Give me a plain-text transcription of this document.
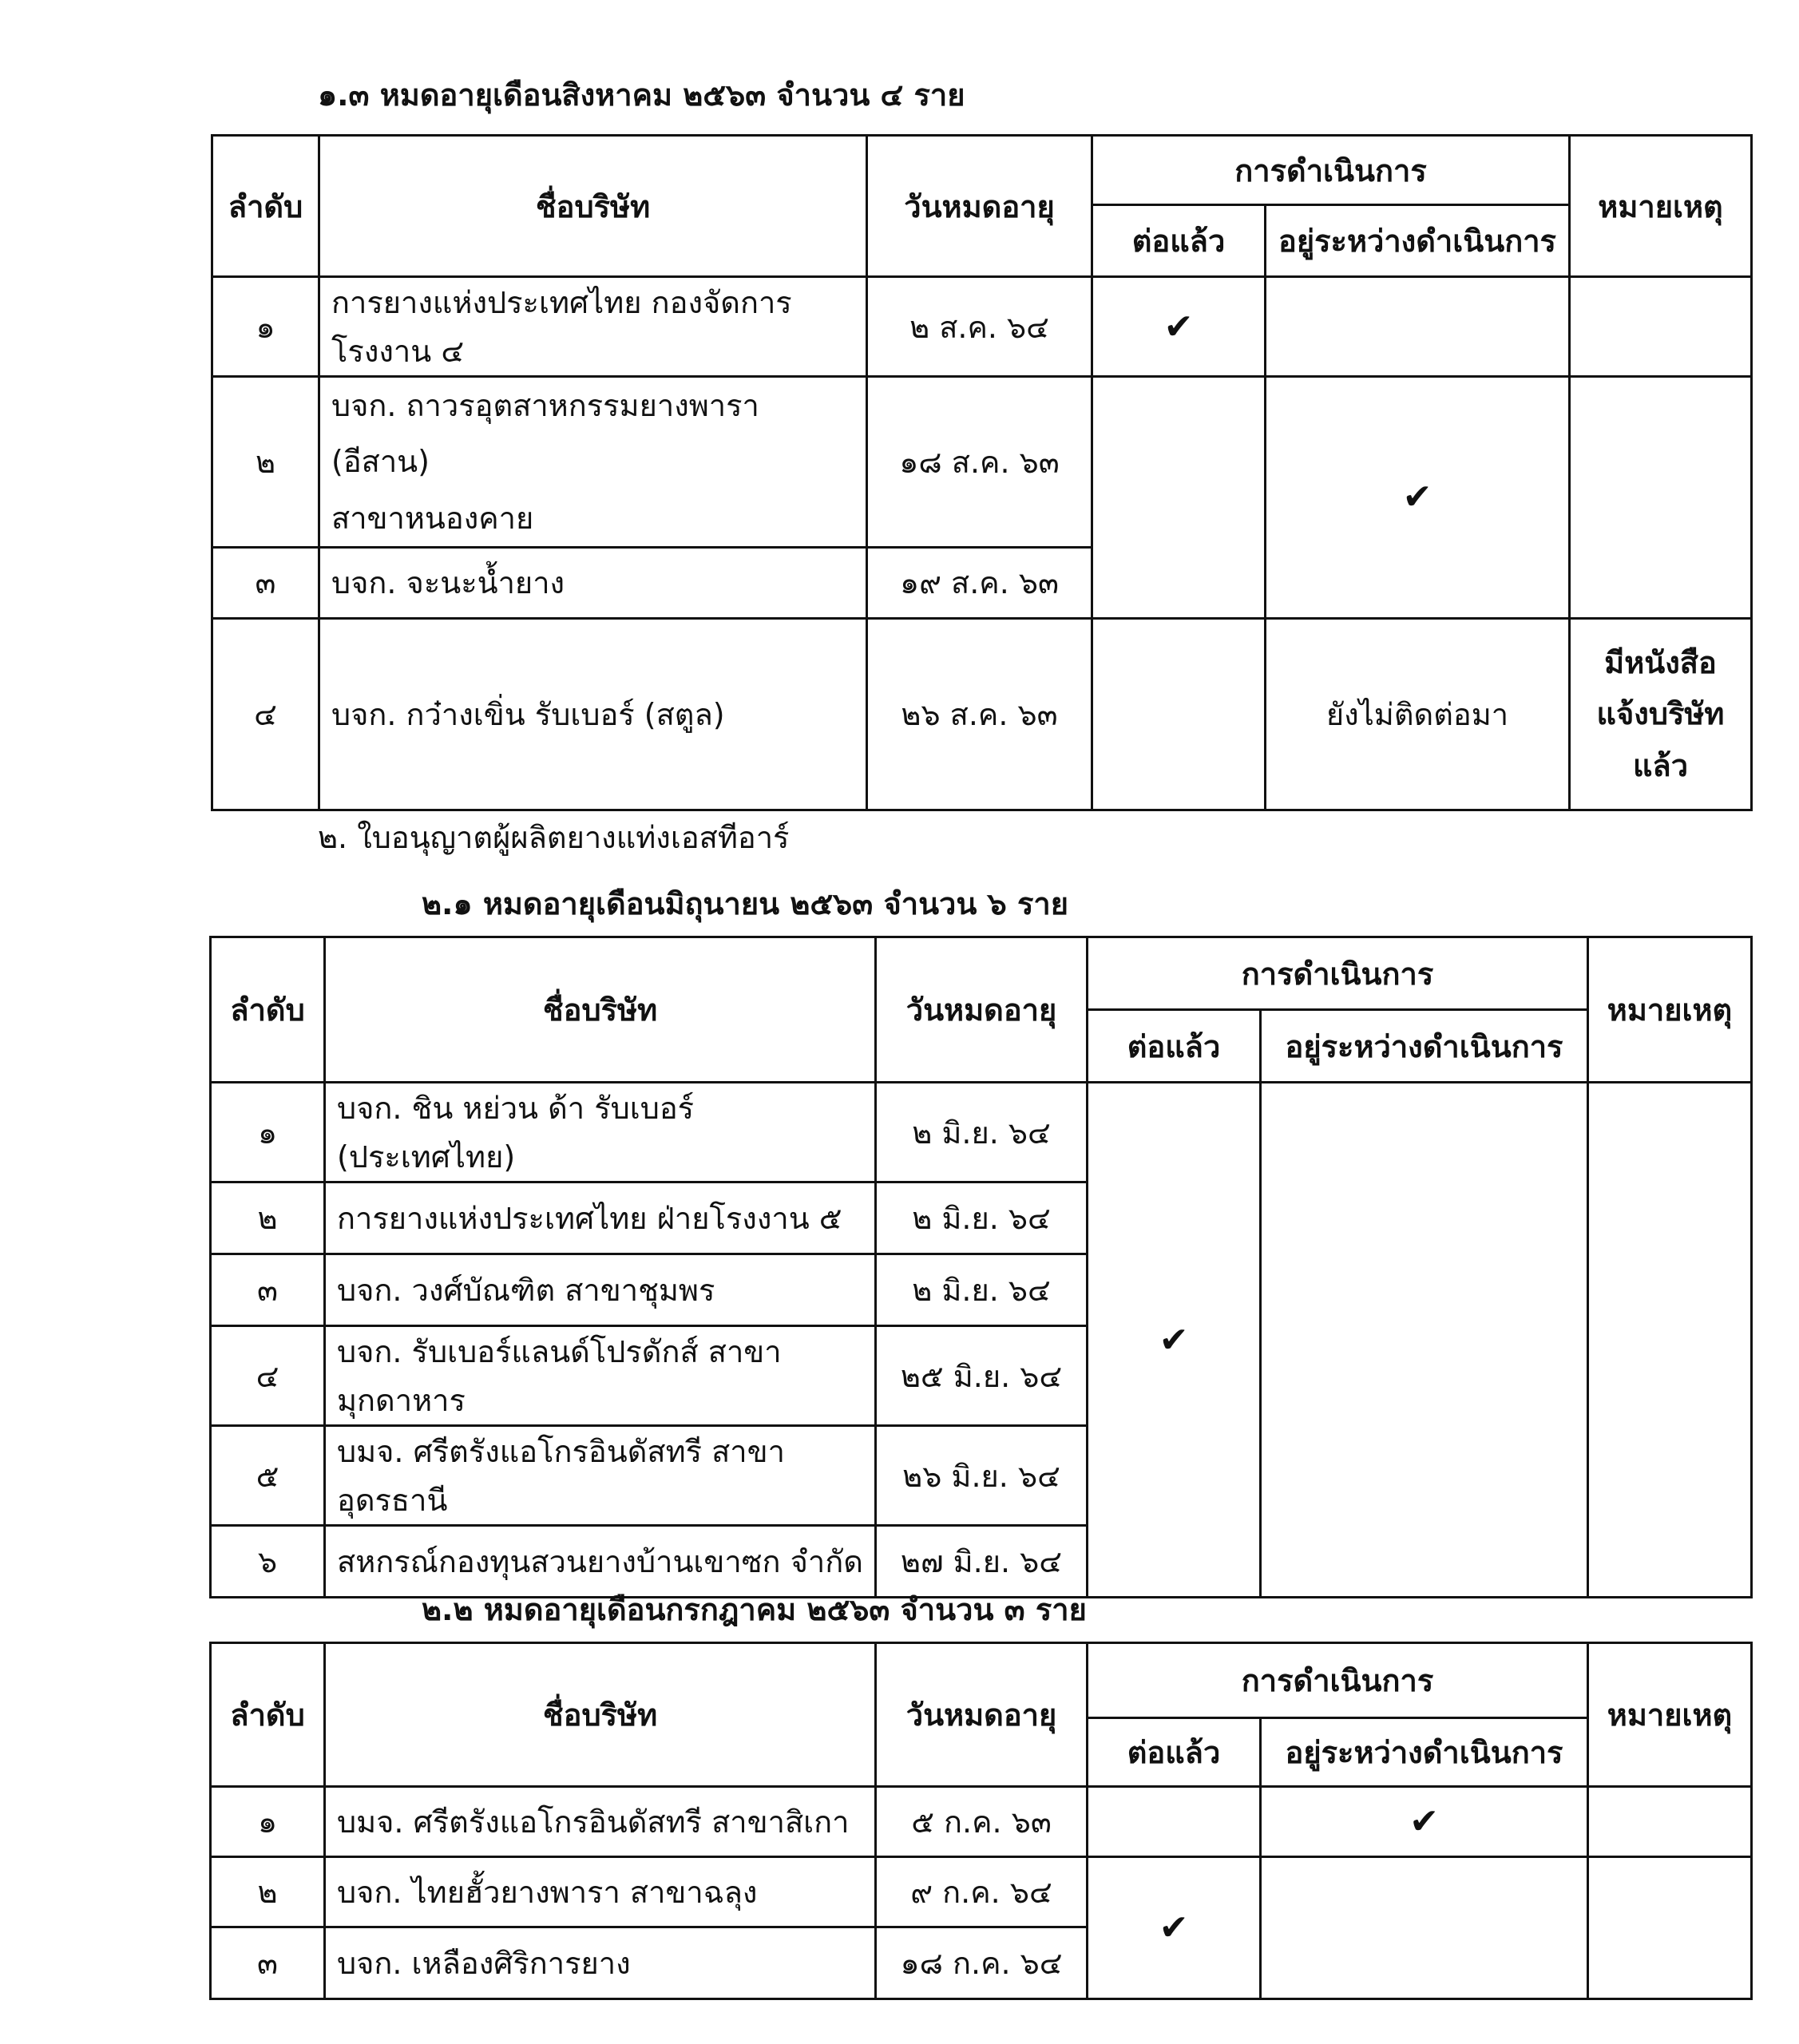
๑.๓ หมดอายุเดือนสิงหาคม ๒๕๖๓ จำนวน ๔ ราย
ลำดับ	ชื่อบริษัท	วันหมดอายุ	การดำเนินการ		หมายเหตุ
			ต่อแล้ว	อยู่ระหว่างดำเนินการ	
๑	การยางแห่งประเทศไทย กองจัดการโรงงาน ๔	๒ ส.ค. ๖๔	✔		
๒	บจก. ถาวรอุตสาหกรรมยางพารา (อีสาน)
สาขาหนองคาย	๑๘ ส.ค. ๖๓		✔	
๓	บจก. จะนะน้ำยาง	๑๙ ส.ค. ๖๓			
๔	บจก. กว๋างเขิ่น รับเบอร์ (สตูล)	๒๖ ส.ค. ๖๓		ยังไม่ติดต่อมา	มีหนังสือ
แจ้งบริษัท
แล้ว
๒. ใบอนุญาตผู้ผลิตยางแท่งเอสทีอาร์
๒.๑ หมดอายุเดือนมิถุนายน ๒๕๖๓ จำนวน ๖ ราย
ลำดับ	ชื่อบริษัท	วันหมดอายุ	การดำเนินการ		หมายเหตุ
			ต่อแล้ว	อยู่ระหว่างดำเนินการ	
๑	บจก. ชิน หย่วน ด้า รับเบอร์ (ประเทศไทย)	๒ มิ.ย. ๖๔	✔		
๒	การยางแห่งประเทศไทย ฝ่ายโรงงาน ๕	๒ มิ.ย. ๖๔			
๓	บจก. วงศ์บัณฑิต สาขาชุมพร	๒ มิ.ย. ๖๔			
๔	บจก. รับเบอร์แลนด์โปรดักส์ สาขามุกดาหาร	๒๕ มิ.ย. ๖๔			
๕	บมจ. ศรีตรังแอโกรอินดัสทรี สาขาอุดรธานี	๒๖ มิ.ย. ๖๔			
๖	สหกรณ์กองทุนสวนยางบ้านเขาซก จำกัด	๒๗ มิ.ย. ๖๔			
๒.๒ หมดอายุเดือนกรกฎาคม ๒๕๖๓ จำนวน ๓ ราย
ลำดับ	ชื่อบริษัท	วันหมดอายุ	การดำเนินการ		หมายเหตุ
			ต่อแล้ว	อยู่ระหว่างดำเนินการ	
๑	บมจ. ศรีตรังแอโกรอินดัสทรี สาขาสิเกา	๕ ก.ค. ๖๓		✔	
๒	บจก. ไทยฮั้วยางพารา สาขาฉลุง	๙ ก.ค. ๖๔	✔		
๓	บจก. เหลืองศิริการยาง	๑๘ ก.ค. ๖๔			
